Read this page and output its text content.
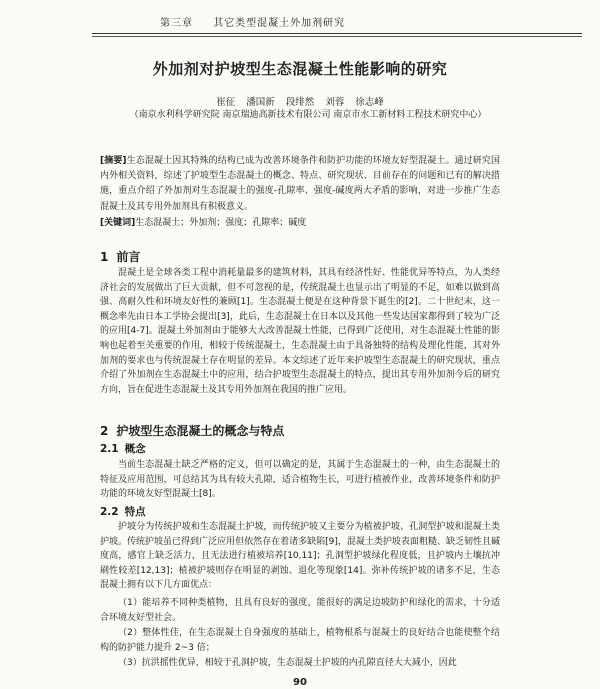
第三章 其它类型混凝土外加剂研究
外加剂对护坡型生态混凝土性能影响的研究
崔征 潘国新 段绯然 刘蓉 徐志峰
（南京水利科学研究院 南京瑞迪高新技术有限公司 南京市水工新材料工程技术研究中心）
[摘要]生态混凝土因其特殊的结构已成为改善环境条件和防护功能的环境友好型混凝土。通过研究国内外相关资料，综述了护坡型生态混凝土的概念、特点、研究现状、目前存在的问题和已有的解决措施，重点介绍了外加剂对生态混凝土的强度-孔隙率、强度-碱度两大矛盾的影响，对进一步推广生态混凝土及其专用外加剂具有积极意义。
[关键词]生态混凝土；外加剂；强度；孔隙率；碱度
1 前言
混凝土是全球各类工程中消耗量最多的建筑材料，其具有经济性好、性能优异等特点，为人类经济社会的发展做出了巨大贡献，但不可忽视的是，传统混凝土也显示出了明显的不足，如难以做到高强、高耐久性和环境友好性的兼顾[1]。生态混凝土便是在这种背景下诞生的[2]。二十世纪末，这一概念率先由日本工学协会提出[3]，此后，生态混凝土在日本以及其他一些发达国家都得到了较为广泛的应用[4-7]。混凝土外加剂由于能够大大改善混凝土性能，已得到广泛使用，对生态混凝土性能的影响也起着至关重要的作用，相较于传统混凝土，生态混凝土由于具备独特的结构及理化性能，其对外加剂的要求也与传统混凝土存在明显的差异。本文综述了近年来护坡型生态混凝土的研究现状，重点介绍了外加剂在生态混凝土中的应用，结合护坡型生态混凝土的特点，提出其专用外加剂今后的研究方向，旨在促进生态混凝土及其专用外加剂在我国的推广应用。
2 护坡型生态混凝土的概念与特点
2.1 概念
当前生态混凝土缺乏严格的定义，但可以确定的是，其属于生态混凝土的一种，由生态混凝土的特征及应用范围，可总结其为具有较大孔隙，适合植物生长，可进行植被作业，改善环境条件和防护功能的环境友好型混凝土[8]。
2.2 特点
护坡分为传统护坡和生态混凝土护坡，而传统护坡又主要分为植被护坡、孔洞型护坡和混凝土类护坡。传统护坡虽已得到广泛应用但依然存在着诸多缺陷[9]，混凝土类护坡表面粗糙、缺乏韧性且碱度高，感官上缺乏活力，且无法进行植被培养[10,11]；孔洞型护坡绿化程度低，且护坡内土壤抗冲刷性较差[12,13]；植被护坡则存在明显的剥蚀、退化等现象[14]。弥补传统护坡的诸多不足，生态混凝土拥有以下几方面优点：
（1）能培养不同种类植物，且具有良好的强度，能很好的满足边坡防护和绿化的需求，十分适合环境友好型社会。
（2）整体性佳，在生态混凝土自身强度的基础上，植物根系与混凝土的良好结合也能使整个结构的防护能力提升 2~3 倍；
（3）抗洪摇性优异，相较于孔洞护坡，生态混凝土护坡的内孔隙直径大大减小，因此
90
